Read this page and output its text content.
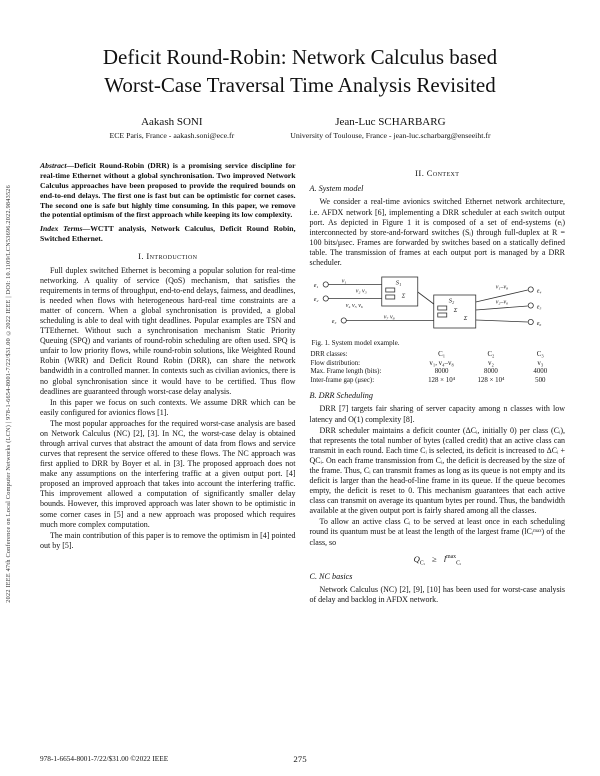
2022 IEEE 47th Conference on Local Computer Networks (LCN) | 978-1-6654-8001-7/22/$31.00 ©2022 IEEE | DOI: 10.1109/LCN53696.2022.9843526
Deficit Round-Robin: Network Calculus based
Worst-Case Traversal Time Analysis Revisited
Aakash SONI
ECE Paris, France - aakash.soni@ece.fr
Jean-Luc SCHARBARG
University of Toulouse, France - jean-luc.scharbarg@enseeiht.fr

Abstract—Deficit Round-Robin (DRR) is a promising service discipline for real-time Ethernet without a global synchronisation. Two improved Network Calculus approaches have been proposed to provide the required bounds on end-to-end delays. The first one is fast but can be optimistic for cornet cases. The second one is safe but highly time consuming. In this paper, we remove the potential optimism of the first approach while keeping its low complexity.

Index Terms—WCTT analysis, Network Calculus, Deficit Round Robin, Switched Ethernet.

I. Introduction

Full duplex switched Ethernet is becoming a popular solution for real-time networking. A quality of service (QoS) mechanism, that satisfies the requirements in terms of throughput, end-to-end delays, fairness, and deadlines, is needed when flows with heterogeneous hard-real time constraints are a matter of concern. When a global synchronisation is provided, a global scheduling is able to deal with tight deadlines. Popular examples are TSN and TTEthernet. Without such a synchronisation mechanism Static Priority Queuing (SPQ) and variants of round-robin scheduling are often used. SPQ is unfair to low priority flows, while round-robin solutions, like Weighted Round Robin (WRR) and Deficit Round Robin (DRR), can share the network bandwidth in a controlled manner. In contexts such as civilian avionics, there is no global synchronisation since it would have to be certified. Thus flow deadlines are guaranteed through worst-case delay analysis.

In this paper we focus on such contexts. We assume DRR which can be easily configured for avionics flows [1].

The most popular approaches for the required worst-case analysis are based on Network Calculus (NC) [2], [3]. In NC, the worst-case delay is obtained through arrival curves that abstract the amount of data from flows and service curves that represent the service offered to these flows. The NC approach was first applied to DRR by Boyer et al. in [3]. The proposed approach does not make any assumptions on the interfering traffic at a given output port. [4] proposed an improved approach that takes into account the interfering traffic. This improvement allowed a computation of significantly smaller delay bounds. However, this improved approach was later shown to be optimistic in some corner cases in [5] and a new approach was proposed which requires much more complex computation.

The main contribution of this paper is to remove the optimism in [4] pointed out by [5].

II. Context
A. System model

We consider a real-time avionics switched Ethernet network architecture, i.e. AFDX network [6], implementing a DRR scheduler at each switch output port. As depicted in Figure 1 it is composed of a set of end-systems (eᵢ) interconnected by store-and-forward switches (Sᵢ) through full-duplex at R = 100 bits/μsec. Frames are forwarded by switches based on a statically defined table. The transmission of frames at each output port is managed by a DRR scheduler.

e₁
v₁
v₂ v₃
e₂
v₄ v₅ v₆
e₃
v₇ v₈
S₁
Σ
S₂
Σ
Σ
e₄
v₁–v₈
e₅
v₂–v₆
e₆
Fig. 1. System model example.
DRR classes:	C₁	C₂	C₃
Flow distribution:	v₁, v₄–v₈	v₂	v₃
Max. Frame length (bits):	8000	8000	4000
Inter-frame gap (μsec):	128 × 10⁴	128 × 10⁴	500
B. DRR Scheduling

DRR [7] targets fair sharing of server capacity among n classes with low latency and O(1) complexity [8].

DRR scheduler maintains a deficit counter (ΔCᵢ, initially 0) per class (Cᵢ), that represents the total number of bytes (called credit) that an active class can transmit in each round. Each time Cᵢ is selected, its deficit is increased to ΔCᵢ + QCᵢ. On each frame transmission from Cᵢ, the deficit is decreased by the size of the frame. Thus, Cᵢ can transmit frames as long as its queue is not empty and its deficit is larger than the head-of-line frame in its queue. If the queue becomes empty, the deficit is reset to 0. This mechanism guarantees that each active class can transmit on average its quantum bytes per round. Thus, the bandwidth available at the given output port is fairly shared among all the classes.

To allow an active class Cᵢ to be served at least once in each scheduling round its quantum must be at least the length of the largest frame (lCᵢᵐᵃˣ) of the class, so

$Q_{Cᵢ} \ge l^{max}_{Cᵢ}$
C. NC basics

Network Calculus (NC) [2], [9], [10] has been used for worst-case analysis of delay and backlog in AFDX network.

978-1-6654-8001-7/22/$31.00 ©2022 IEEE	275
